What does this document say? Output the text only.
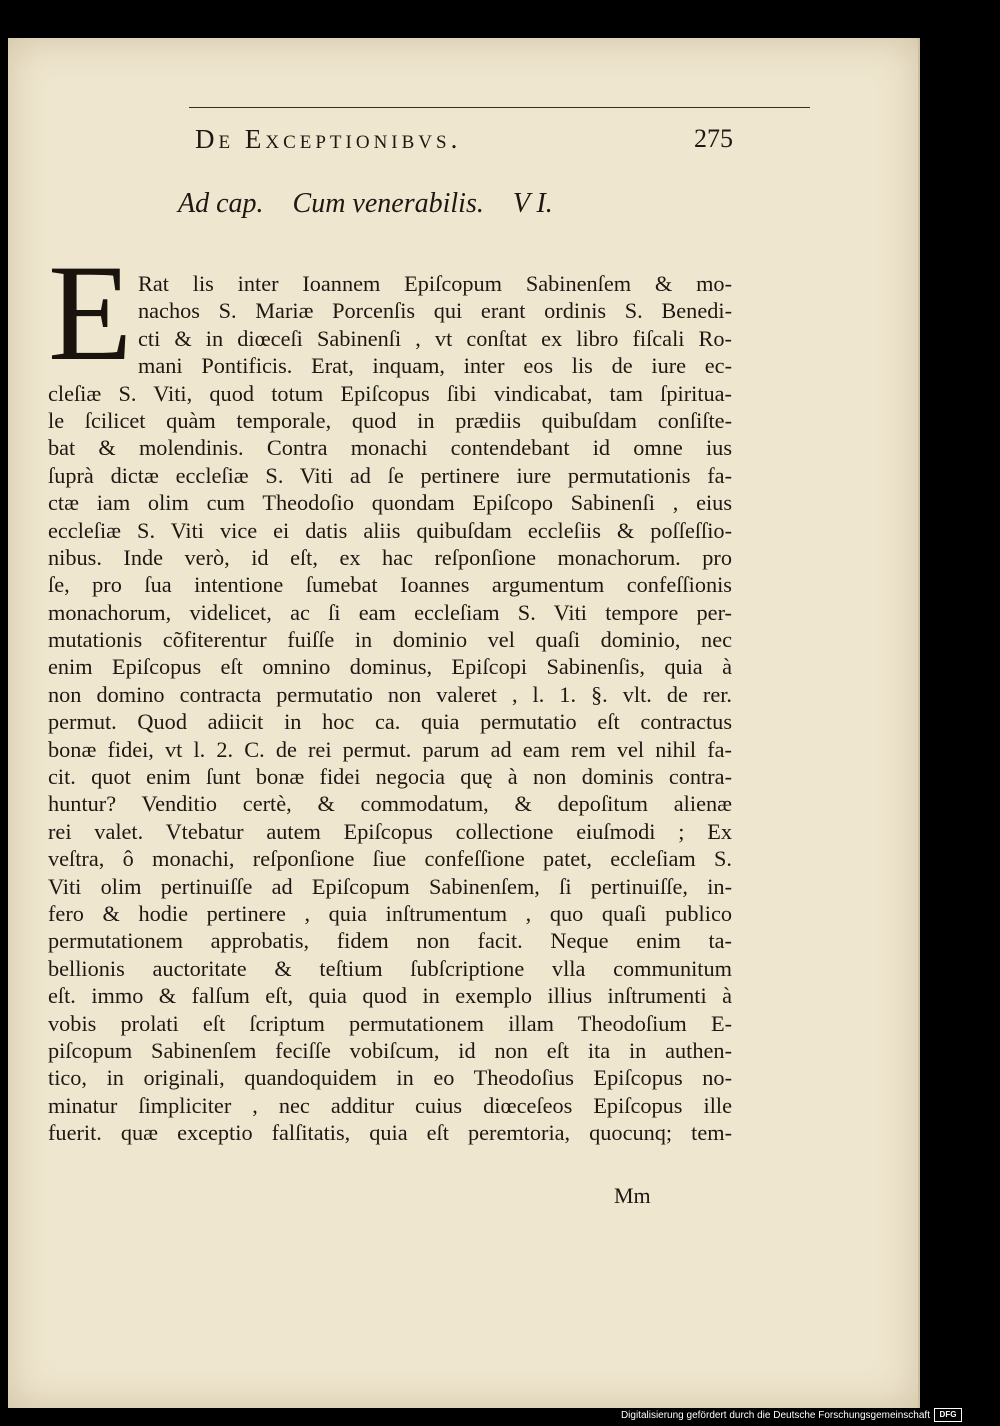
De Exceptionibvs.	275
Ad cap. Cum venerabilis. V I.
E Rat lis inter Ioannem Epiſcopum Sabinenſem & mo-
nachos S. Mariæ Porcenſis qui erant ordinis S. Benedi-
cti & in diœceſi Sabinenſi , vt conſtat ex libro fiſcali Ro-
mani Pontificis. Erat, inquam, inter eos lis de iure ec-
cleſiæ S. Viti, quod totum Epiſcopus ſibi vindicabat, tam ſpiritua-
le ſcilicet quàm temporale, quod in prædiis quibuſdam conſiſte-
bat & molendinis. Contra monachi contendebant id omne ius
ſuprà dictæ eccleſiæ S. Viti ad ſe pertinere iure permutationis fa-
ctæ iam olim cum Theodoſio quondam Epiſcopo Sabinenſi , eius
eccleſiæ S. Viti vice ei datis aliis quibuſdam eccleſiis & poſſeſſio-
nibus. Inde verò, id eſt, ex hac reſponſione monachorum. pro
ſe, pro ſua intentione ſumebat Ioannes argumentum confeſſionis
monachorum, videlicet, ac ſi eam eccleſiam S. Viti tempore per-
mutationis cõfiterentur fuiſſe in dominio vel quaſi dominio, nec
enim Epiſcopus eſt omnino dominus, Epiſcopi Sabinenſis, quia à
non domino contracta permutatio non valeret , l. 1. §. vlt. de rer.
permut. Quod adiicit in hoc ca. quia permutatio eſt contractus
bonæ fidei, vt l. 2. C. de rei permut. parum ad eam rem vel nihil fa-
cit. quot enim ſunt bonæ fidei negocia quę à non dominis contra-
huntur? Venditio certè, & commodatum, & depoſitum alienæ
rei valet. Vtebatur autem Epiſcopus collectione eiuſmodi ; Ex
veſtra, ô monachi, reſponſione ſiue confeſſione patet, eccleſiam S.
Viti olim pertinuiſſe ad Epiſcopum Sabinenſem, ſi pertinuiſſe, in-
fero & hodie pertinere , quia inſtrumentum , quo quaſi publico
permutationem approbatis, fidem non facit. Neque enim ta-
bellionis auctoritate & teſtium ſubſcriptione vlla communitum
eſt. immo & falſum eſt, quia quod in exemplo illius inſtrumenti à
vobis prolati eſt ſcriptum permutationem illam Theodoſium E-
piſcopum Sabinenſem feciſſe vobiſcum, id non eſt ita in authen-
tico, in originali, quandoquidem in eo Theodoſius Epiſcopus no-
minatur ſimpliciter , nec additur cuius diœceſeos Epiſcopus ille
fuerit. quæ exceptio falſitatis, quia eſt peremtoria, quocunq; tem-
Mm
Digitalisierung gefördert durch die Deutsche Forschungsgemeinschaft	DFG
